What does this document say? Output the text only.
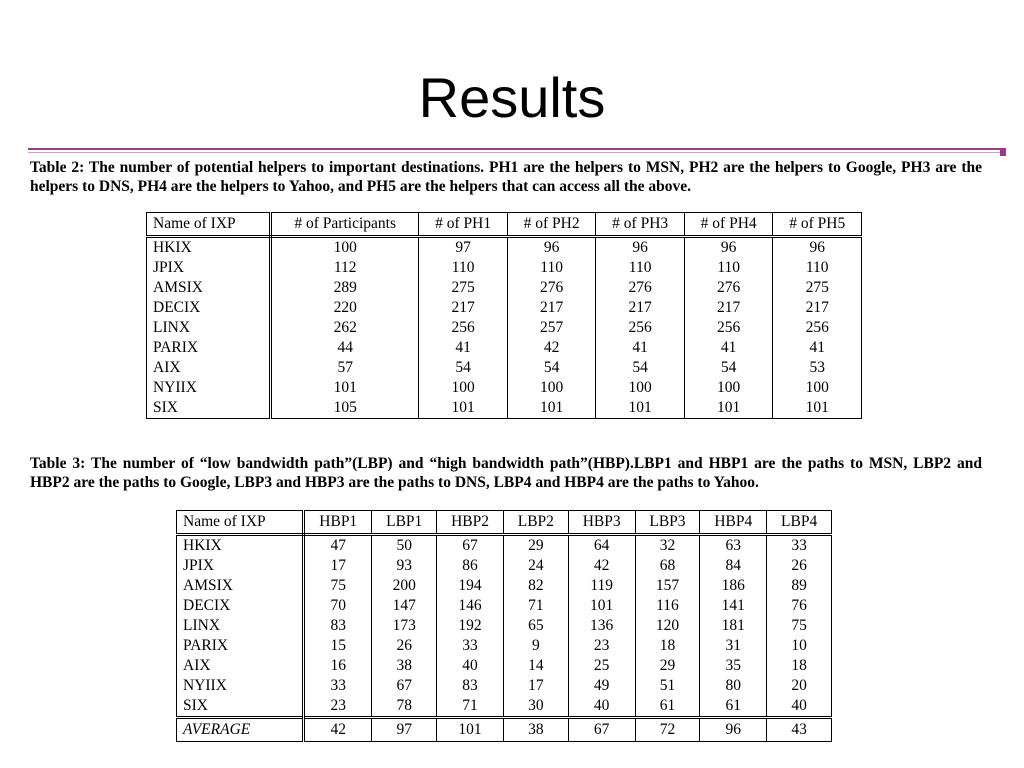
Results

Table 2: The number of potential helpers to important destinations. PH1 are the helpers to MSN, PH2 are the helpers to Google, PH3 are the helpers to DNS, PH4 are the helpers to Yahoo, and PH5 are the helpers that can access all the above.

Name of IXP	# of Participants	# of PH1	# of PH2	# of PH3	# of PH4	# of PH5
HKIX	100	97	96	96	96	96
JPIX	112	110	110	110	110	110
AMSIX	289	275	276	276	276	275
DECIX	220	217	217	217	217	217
LINX	262	256	257	256	256	256
PARIX	44	41	42	41	41	41
AIX	57	54	54	54	54	53
NYIIX	101	100	100	100	100	100
SIX	105	101	101	101	101	101

Table 3: The number of “low bandwidth path”(LBP) and “high bandwidth path”(HBP).LBP1 and HBP1 are the paths to MSN, LBP2 and HBP2 are the paths to Google, LBP3 and HBP3 are the paths to DNS, LBP4 and HBP4 are the paths to Yahoo.

Name of IXP	HBP1	LBP1	HBP2	LBP2	HBP3	LBP3	HBP4	LBP4
HKIX	47	50	67	29	64	32	63	33
JPIX	17	93	86	24	42	68	84	26
AMSIX	75	200	194	82	119	157	186	89
DECIX	70	147	146	71	101	116	141	76
LINX	83	173	192	65	136	120	181	75
PARIX	15	26	33	9	23	18	31	10
AIX	16	38	40	14	25	29	35	18
NYIIX	33	67	83	17	49	51	80	20
SIX	23	78	71	30	40	61	61	40
AVERAGE	42	97	101	38	67	72	96	43
